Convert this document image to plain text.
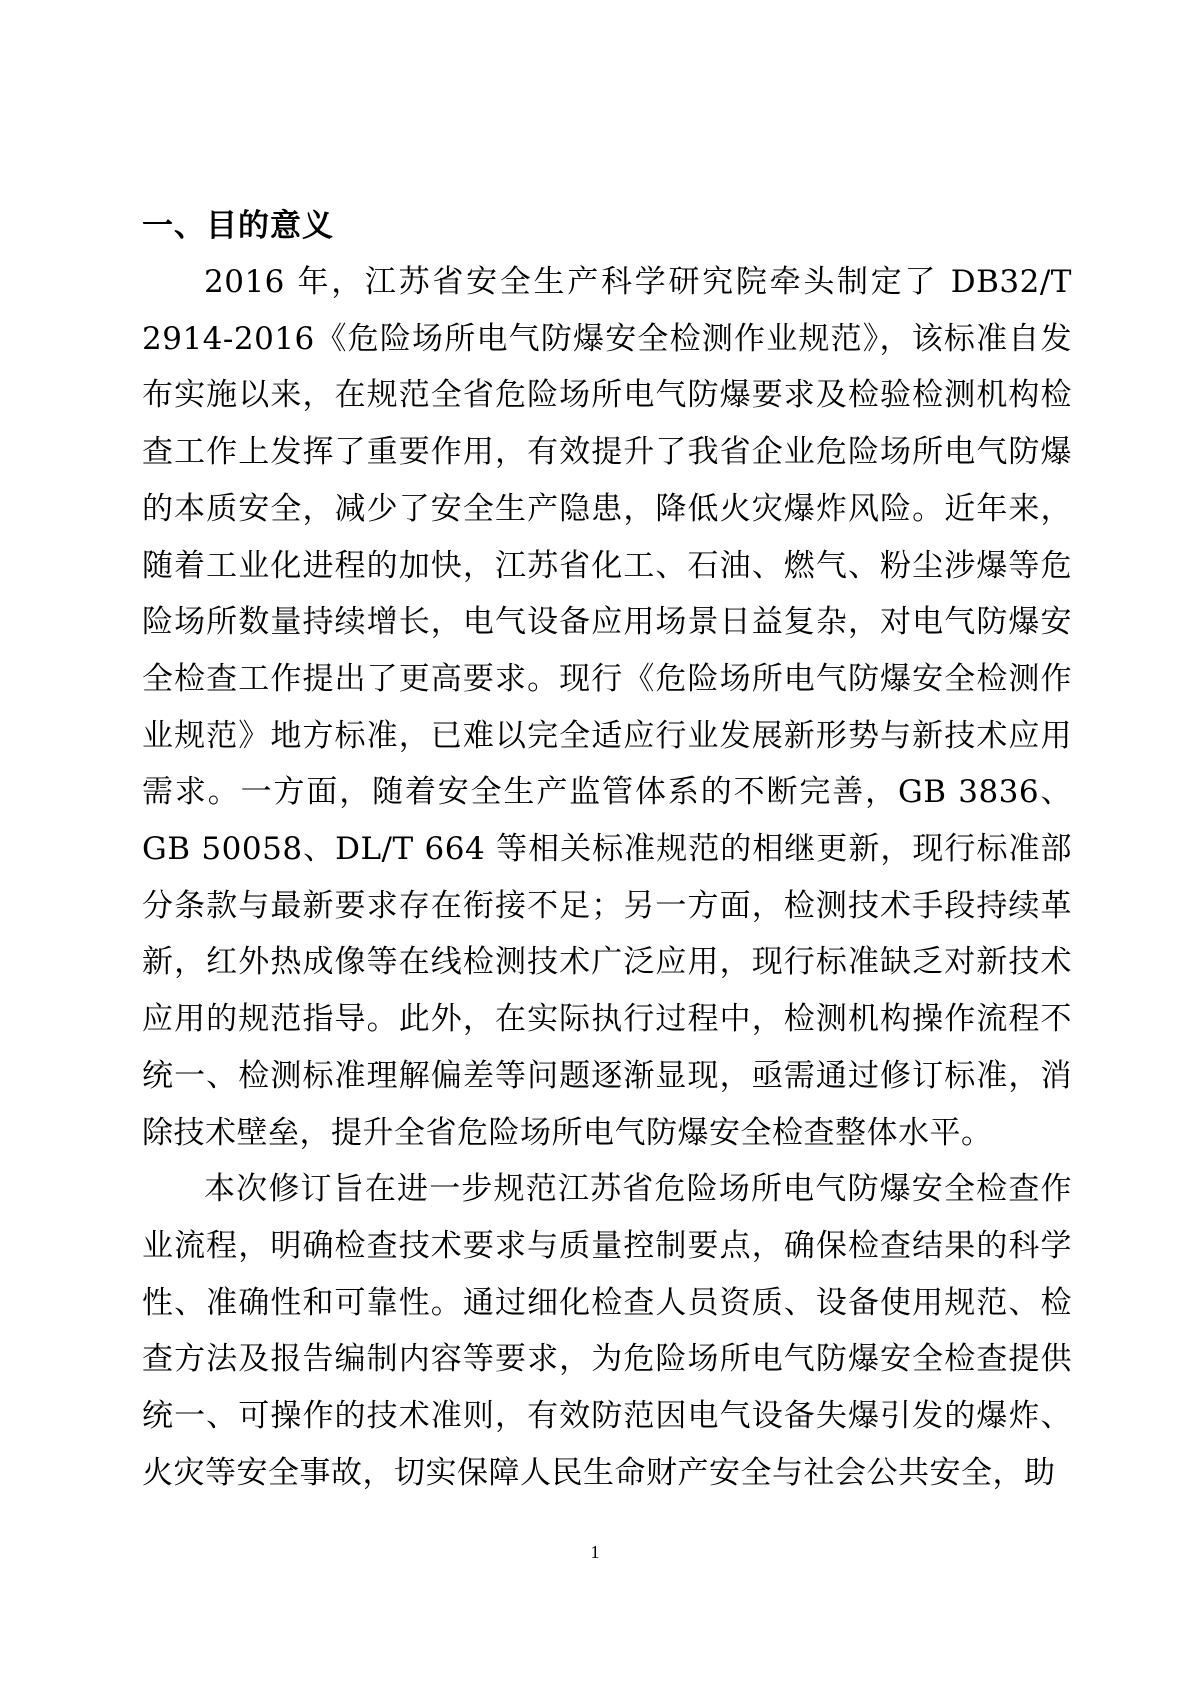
一、目的意义

2016 年，江苏省安全生产科学研究院牵头制定了 DB32/T 2914-2016《危险场所电气防爆安全检测作业规范》，该标准自发布实施以来，在规范全省危险场所电气防爆要求及检验检测机构检查工作上发挥了重要作用，有效提升了我省企业危险场所电气防爆的本质安全，减少了安全生产隐患，降低火灾爆炸风险。近年来，随着工业化进程的加快，江苏省化工、石油、燃气、粉尘涉爆等危险场所数量持续增长，电气设备应用场景日益复杂，对电气防爆安全检查工作提出了更高要求。现行《危险场所电气防爆安全检测作业规范》地方标准，已难以完全适应行业发展新形势与新技术应用需求。一方面，随着安全生产监管体系的不断完善，GB 3836、GB 50058、DL/T 664 等相关标准规范的相继更新，现行标准部分条款与最新要求存在衔接不足；另一方面，检测技术手段持续革新，红外热成像等在线检测技术广泛应用，现行标准缺乏对新技术应用的规范指导。此外，在实际执行过程中，检测机构操作流程不统一、检测标准理解偏差等问题逐渐显现，亟需通过修订标准，消除技术壁垒，提升全省危险场所电气防爆安全检查整体水平。

本次修订旨在进一步规范江苏省危险场所电气防爆安全检查作业流程，明确检查技术要求与质量控制要点，确保检查结果的科学性、准确性和可靠性。通过细化检查人员资质、设备使用规范、检查方法及报告编制内容等要求，为危险场所电气防爆安全检查提供统一、可操作的技术准则，有效防范因电气设备失爆引发的爆炸、火灾等安全事故，切实保障人民生命财产安全与社会公共安全，助

1
